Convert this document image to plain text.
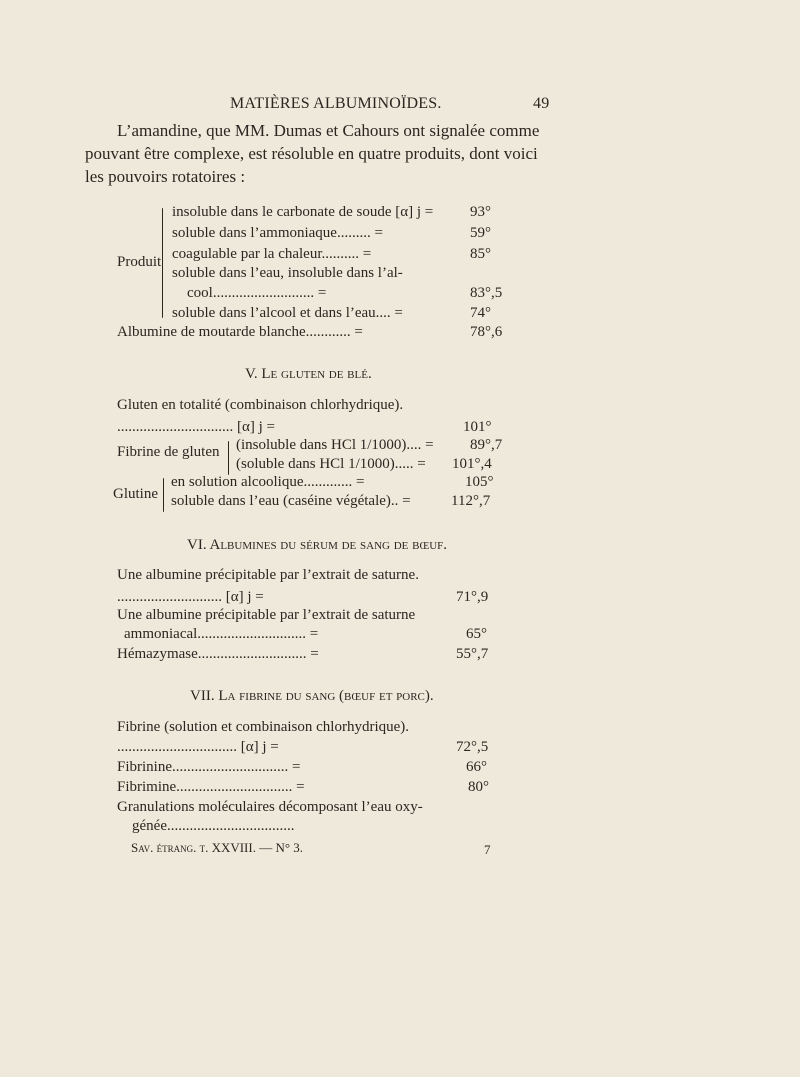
MATIÈRES ALBUMINOÏDES.	49
L’amandine, que MM. Dumas et Cahours ont signalée comme
pouvant être complexe, est résoluble en quatre produits, dont voici
les pouvoirs rotatoires :
Produit
insoluble dans le carbonate de soude [α] j = 93°
soluble dans l’ammoniaque......... =	59°
coagulable par la chaleur.......... =	85°
soluble dans l’eau, insoluble dans l’al-
cool........................... =	83°,5
soluble dans l’alcool et dans l’eau.... =	74°
Albumine de moutarde blanche............ =	78°,6
V. Le gluten de blé.
Gluten en totalité (combinaison chlorhydrique).
............................... [α] j =	101°
Fibrine de gluten (insoluble dans HCl 1/1000).... = 89°,7
(soluble dans HCl 1/1000)..... = 101°,4
Glutine
en solution alcoolique............. =	105°
soluble dans l’eau (caséine végétale).. =	112°,7
VI. Albumines du sérum de sang de bœuf.
Une albumine précipitable par l’extrait de saturne.
............................ [α] j =	71°,9
Une albumine précipitable par l’extrait de saturne
ammoniacal............................. =	65°
Hémazymase............................. =	55°,7
VII. La fibrine du sang (bœuf et porc).
Fibrine (solution et combinaison chlorhydrique).
................................ [α] j =	72°,5
Fibrinine............................... =	66°
Fibrimine............................... =	80°
Granulations moléculaires décomposant l’eau oxy-
génée..................................
Sav. étrang. t. XXVIII. — N° 3.	7
